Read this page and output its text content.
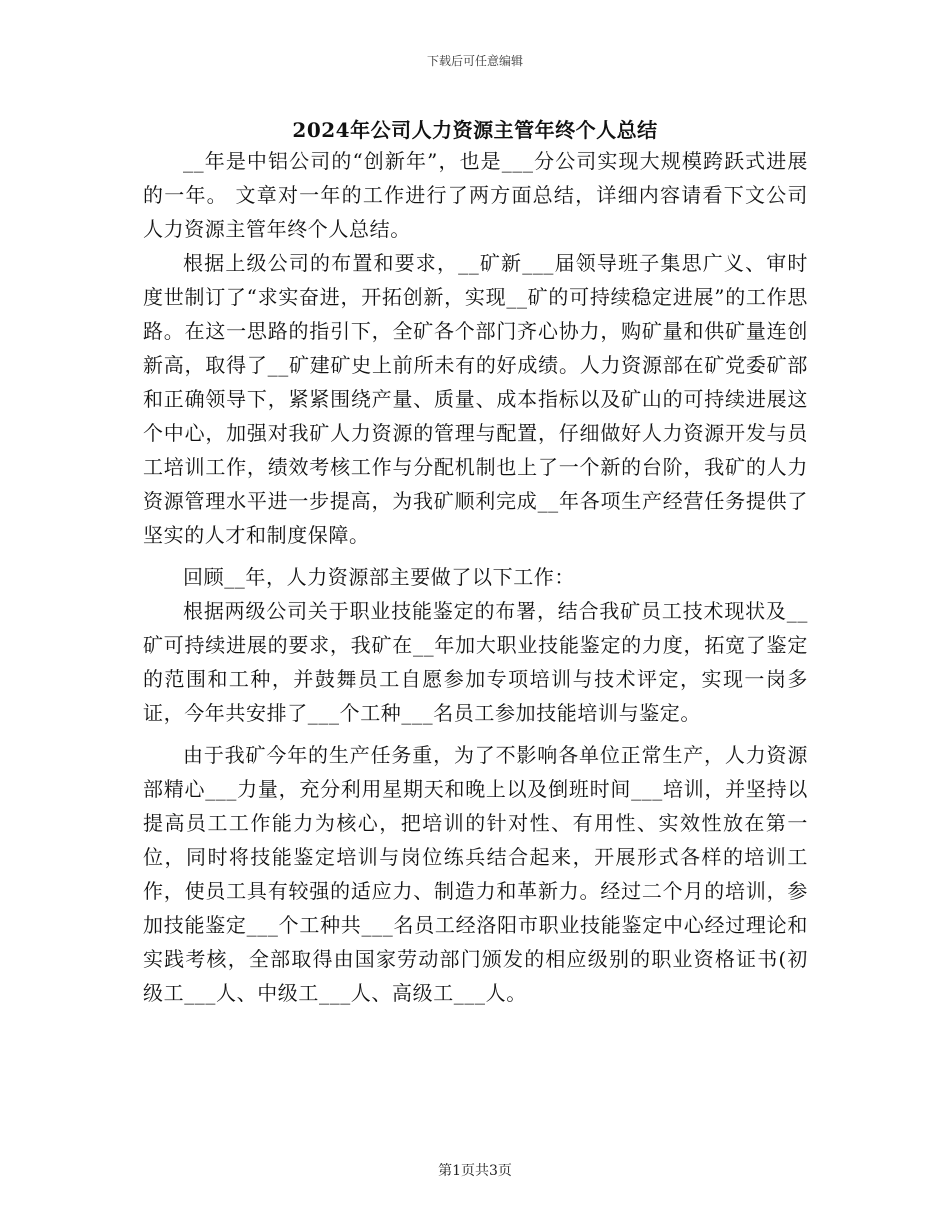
下载后可任意编辑
2024年公司人力资源主管年终个人总结

__年是中铝公司的“创新年”，也是___分公司实现大规模跨跃式进展的一年。 文章对一年的工作进行了两方面总结，详细内容请看下文公司人力资源主管年终个人总结。

根据上级公司的布置和要求，__矿新___届领导班子集思广义、审时度世制订了“求实奋进，开拓创新，实现__矿的可持续稳定进展”的工作思路。在这一思路的指引下，全矿各个部门齐心协力，购矿量和供矿量连创新高，取得了__矿建矿史上前所未有的好成绩。人力资源部在矿党委矿部和正确领导下，紧紧围绕产量、质量、成本指标以及矿山的可持续进展这个中心，加强对我矿人力资源的管理与配置，仔细做好人力资源开发与员工培训工作，绩效考核工作与分配机制也上了一个新的台阶，我矿的人力资源管理水平进一步提高，为我矿顺利完成__年各项生产经营任务提供了坚实的人才和制度保障。

回顾__年，人力资源部主要做了以下工作：

根据两级公司关于职业技能鉴定的布署，结合我矿员工技术现状及__矿可持续进展的要求，我矿在__年加大职业技能鉴定的力度，拓宽了鉴定的范围和工种，并鼓舞员工自愿参加专项培训与技术评定，实现一岗多证，今年共安排了___个工种___名员工参加技能培训与鉴定。

由于我矿今年的生产任务重，为了不影响各单位正常生产，人力资源部精心___力量，充分利用星期天和晚上以及倒班时间___培训，并坚持以提高员工工作能力为核心，把培训的针对性、有用性、实效性放在第一位，同时将技能鉴定培训与岗位练兵结合起来，开展形式各样的培训工作，使员工具有较强的适应力、制造力和革新力。经过二个月的培训，参加技能鉴定___个工种共___名员工经洛阳市职业技能鉴定中心经过理论和实践考核，全部取得由国家劳动部门颁发的相应级别的职业资格证书(初级工___人、中级工___人、高级工___人。

第1页共3页
